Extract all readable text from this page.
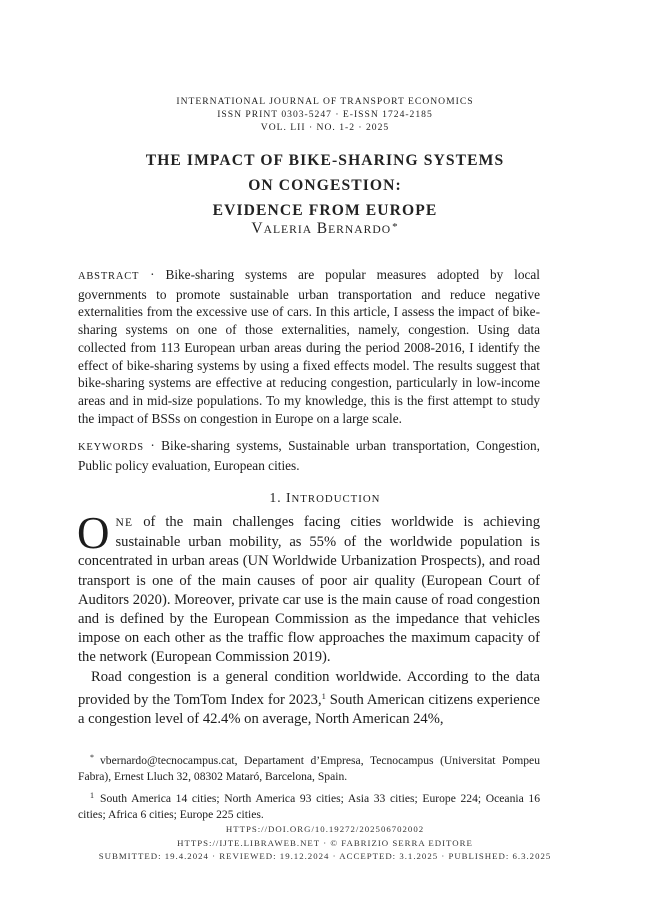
INTERNATIONAL JOURNAL OF TRANSPORT ECONOMICS
ISSN PRINT 0303-5247 · E-ISSN 1724-2185
VOL. LII · NO. 1-2 · 2025
THE IMPACT OF BIKE-SHARING SYSTEMS
ON CONGESTION:
EVIDENCE FROM EUROPE
VALERIA BERNARDO*
ABSTRACT · Bike-sharing systems are popular measures adopted by local governments to promote sustainable urban transportation and reduce negative externalities from the excessive use of cars. In this article, I assess the impact of bike-sharing systems on one of those externalities, namely, congestion. Using data collected from 113 European urban areas during the period 2008-2016, I identify the effect of bike-sharing systems by using a fixed effects model. The results suggest that bike-sharing systems are effective at reducing congestion, particularly in low-income areas and in mid-size populations. To my knowledge, this is the first attempt to study the impact of BSSs on congestion in Europe on a large scale.
KEYWORDS · Bike-sharing systems, Sustainable urban transportation, Congestion, Public policy evaluation, European cities.
1. INTRODUCTION

ONE of the main challenges facing cities worldwide is achieving sustainable urban mobility, as 55% of the worldwide population is concentrated in urban areas (UN Worldwide Urbanization Prospects), and road transport is one of the main causes of poor air quality (European Court of Auditors 2020). Moreover, private car use is the main cause of road congestion and is defined by the European Commission as the impedance that vehicles impose on each other as the traffic flow approaches the maximum capacity of the network (European Commission 2019).

Road congestion is a general condition worldwide. According to the data provided by the TomTom Index for 2023,$^1$ South American citizens experience a congestion level of 42.4% on average, North American 24%,

* vbernardo@tecnocampus.cat, Departament d’Empresa, Tecnocampus (Universitat Pompeu Fabra), Ernest Lluch 32, 08302 Mataró, Barcelona, Spain.

$^1$ South America 14 cities; North America 93 cities; Asia 33 cities; Europe 224; Oceania 16 cities; Africa 6 cities; Europe 225 cities.

HTTPS://DOI.ORG/10.19272/202506702002
HTTPS://IJTE.LIBRAWEB.NET · © FABRIZIO SERRA EDITORE
SUBMITTED: 19.4.2024 · REVIEWED: 19.12.2024 · ACCEPTED: 3.1.2025 · PUBLISHED: 6.3.2025
